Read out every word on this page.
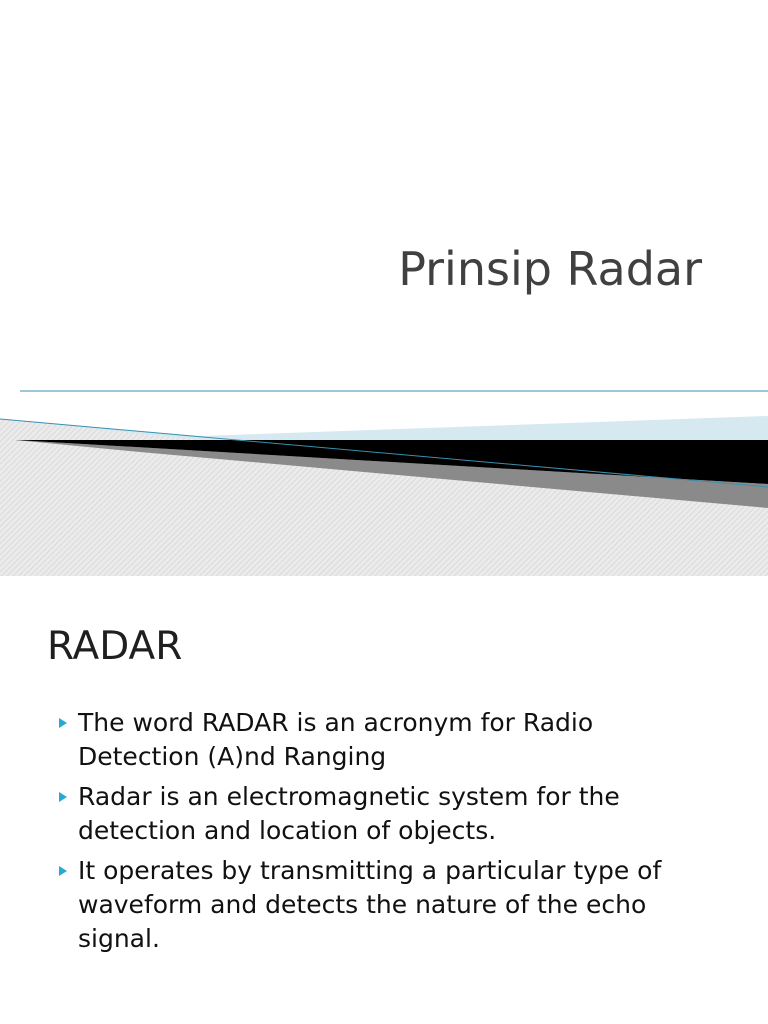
Prinsip Radar
RADAR
The word RADAR is an acronym for Radio Detection (A)nd Ranging
Radar is an electromagnetic system for the detection and location of objects.
It operates by transmitting a particular type of waveform and detects the nature of the echo signal.
